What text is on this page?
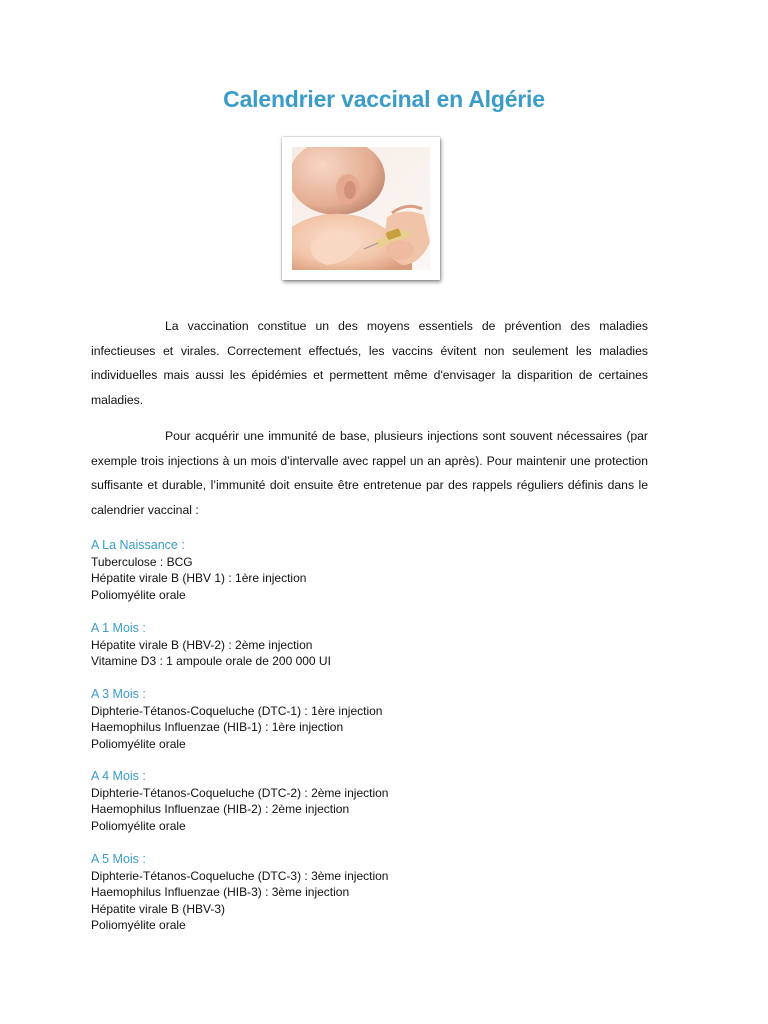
Calendrier vaccinal en Algérie

La vaccination constitue un des moyens essentiels de prévention des maladies infectieuses et virales. Correctement effectués, les vaccins évitent non seulement les maladies individuelles mais aussi les épidémies et permettent même d'envisager la disparition de certaines maladies.

Pour acquérir une immunité de base, plusieurs injections sont souvent nécessaires (par exemple trois injections à un mois d’intervalle avec rappel un an après). Pour maintenir une protection suffisante et durable, l’immunité doit ensuite être entretenue par des rappels réguliers définis dans le calendrier vaccinal :

A La Naissance :
Tuberculose : BCG
Hépatite virale B (HBV 1) : 1ère injection
Poliomyélite orale
A 1 Mois :
Hépatite virale B (HBV-2) : 2ème injection
Vitamine D3 : 1 ampoule orale de 200 000 UI
A 3 Mois :
Diphterie-Tétanos-Coqueluche (DTC-1) : 1ère injection
Haemophilus Influenzae (HIB-1) : 1ère injection
Poliomyélite orale
A 4 Mois :
Diphterie-Tétanos-Coqueluche (DTC-2) : 2ème injection
Haemophilus Influenzae (HIB-2) : 2ème injection
Poliomyélite orale
A 5 Mois :
Diphterie-Tétanos-Coqueluche (DTC-3) : 3ème injection
Haemophilus Influenzae (HIB-3) : 3ème injection
Hépatite virale B (HBV-3)
Poliomyélite orale
